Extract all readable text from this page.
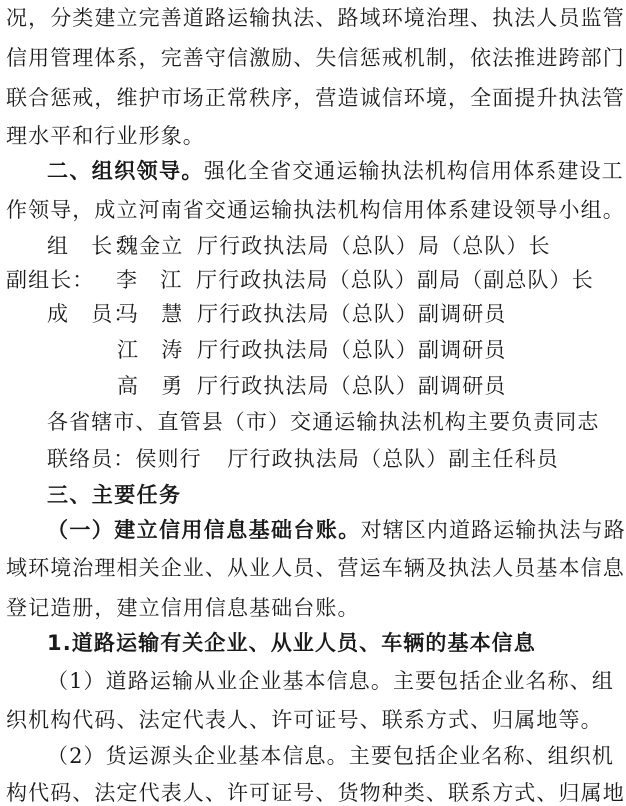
况，分类建立完善道路运输执法、路域环境治理、执法人员监管
信用管理体系，完善守信激励、失信惩戒机制，依法推进跨部门
联合惩戒，维护市场正常秩序，营造诚信环境，全面提升执法管
理水平和行业形象。
二、组织领导。强化全省交通运输执法机构信用体系建设工
作领导，成立河南省交通运输执法机构信用体系建设领导小组。
组　长：魏金立 厅行政执法局（总队）局（总队）长
副组长： 李　江 厅行政执法局（总队）副局（副总队）长
成　员：马　慧 厅行政执法局（总队）副调研员
江　涛 厅行政执法局（总队）副调研员
高　勇 厅行政执法局（总队）副调研员
各省辖市、直管县（市）交通运输执法机构主要负责同志
联络员：侯则行 厅行政执法局（总队）副主任科员
三、主要任务
（一）建立信用信息基础台账。对辖区内道路运输执法与路
域环境治理相关企业、从业人员、营运车辆及执法人员基本信息
登记造册，建立信用信息基础台账。
1.道路运输有关企业、从业人员、车辆的基本信息
（1）道路运输从业企业基本信息。主要包括企业名称、组
织机构代码、法定代表人、许可证号、联系方式、归属地等。
（2）货运源头企业基本信息。主要包括企业名称、组织机
构代码、法定代表人、许可证号、货物种类、联系方式、归属地
